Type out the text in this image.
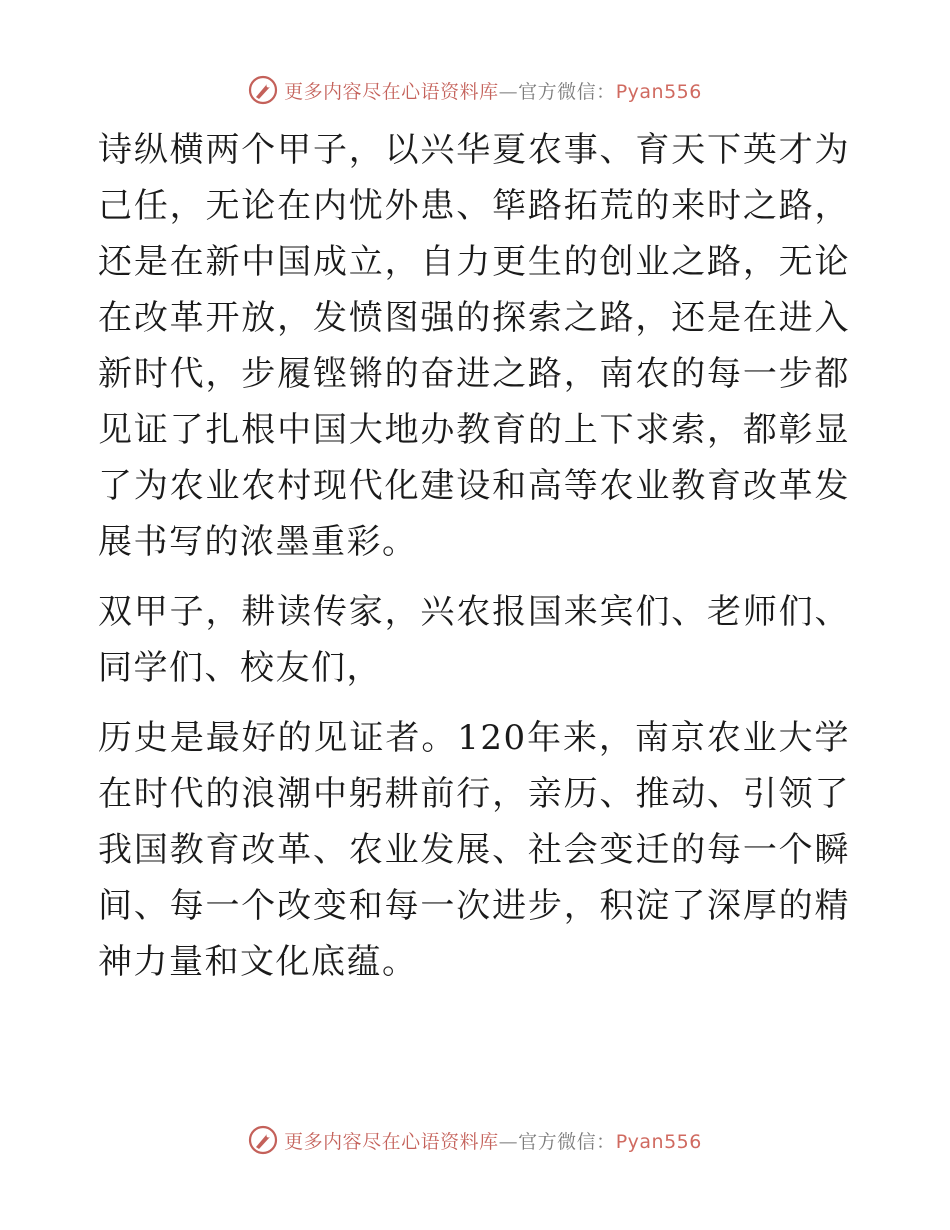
更多内容尽在心语资料库—官方微信：Pyan556

诗纵横两个甲子，以兴华夏农事、育天下英才为己任，无论在内忧外患、筚路拓荒的来时之路，还是在新中国成立，自力更生的创业之路，无论在改革开放，发愤图强的探索之路，还是在进入新时代，步履铿锵的奋进之路，南农的每一步都见证了扎根中国大地办教育的上下求索，都彰显了为农业农村现代化建设和高等农业教育改革发展书写的浓墨重彩。

双甲子，耕读传家，兴农报国来宾们、老师们、同学们、校友们，

历史是最好的见证者。120年来，南京农业大学在时代的浪潮中躬耕前行，亲历、推动、引领了我国教育改革、农业发展、社会变迁的每一个瞬间、每一个改变和每一次进步，积淀了深厚的精神力量和文化底蕴。

更多内容尽在心语资料库—官方微信：Pyan556
